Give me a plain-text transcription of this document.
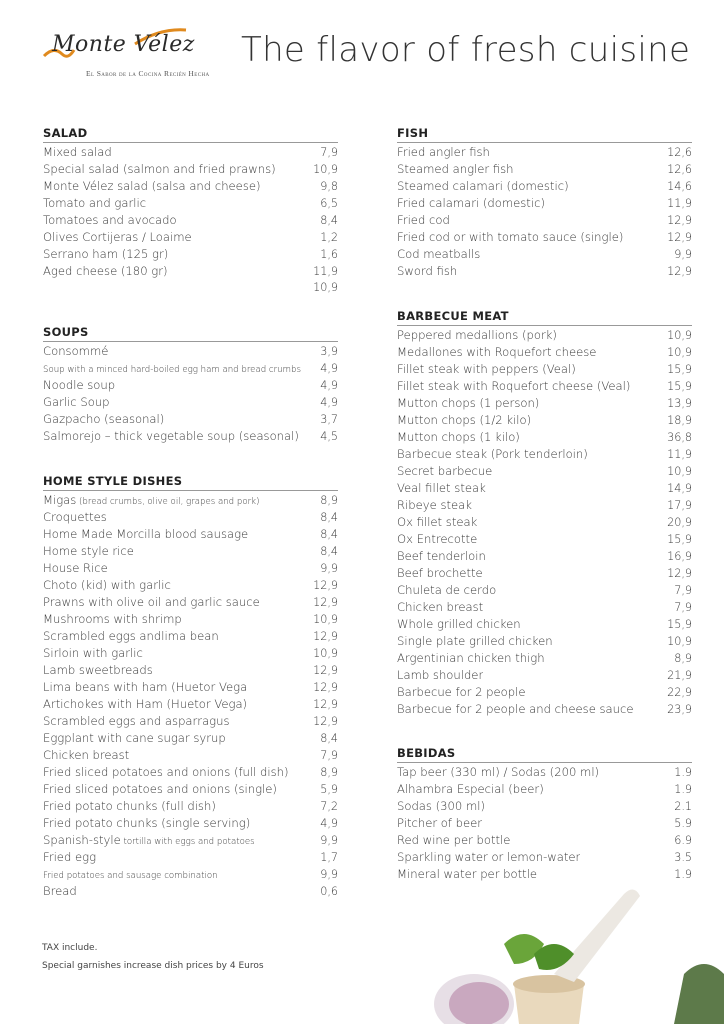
Monte Vélez
El Sabor de la Cocina Recién Hecha
The flavor of fresh cuisine
SALAD
Mixed salad	7,9
Special salad (salmon and fried prawns)	10,9
Monte Vélez salad (salsa and cheese)	9,8
Tomato and garlic	6,5
Tomatoes and avocado	8,4
Olives Cortijeras / Loaime	1,2
Serrano ham (125 gr)	1,6
Aged cheese (180 gr)	11,9
10,9
SOUPS
Consommé	3,9
Soup with a minced hard-boiled egg ham and bread crumbs 4,9
Noodle soup	4,9
Garlic Soup	4,9
Gazpacho (seasonal)	3,7
Salmorejo – thick vegetable soup (seasonal) 4,5
HOME STYLE DISHES
Migas (bread crumbs, olive oil, grapes and pork)	8,9
Croquettes	8,4
Home Made Morcilla blood sausage	8,4
Home style rice	8,4
House Rice	9,9
Choto (kid) with garlic	12,9
Prawns with olive oil and garlic sauce	12,9
Mushrooms with shrimp	10,9
Scrambled eggs andlima bean	12,9
Sirloin with garlic	10,9
Lamb sweetbreads	12,9
Lima beans with ham (Huetor Vega	12,9
Artichokes with Ham (Huetor Vega)	12,9
Scrambled eggs and asparragus	12,9
Eggplant with cane sugar syrup	8,4
Chicken breast	7,9
Fried sliced potatoes and onions (full dish)	8,9
Fried sliced potatoes and onions (single)	5,9
Fried potato chunks (full dish)	7,2
Fried potato chunks (single serving)	4,9
Spanish-style tortilla with eggs and potatoes	9,9
Fried egg	1,7
Fried potatoes and sausage combination	9,9
Bread	0,6
FISH
Fried angler fish	12,6
Steamed angler fish	12,6
Steamed calamari (domestic)	14,6
Fried calamari (domestic)	11,9
Fried cod	12,9
Fried cod or with tomato sauce (single)	12,9
Cod meatballs	9,9
Sword fish	12,9
BARBECUE MEAT
Peppered medallions (pork)	10,9
Medallones with Roquefort cheese	10,9
Fillet steak with peppers (Veal)	15,9
Fillet steak with Roquefort cheese (Veal)	15,9
Mutton chops (1 person)	13,9
Mutton chops (1/2 kilo)	18,9
Mutton chops (1 kilo)	36,8
Barbecue steak (Pork tenderloin)	11,9
Secret barbecue	10,9
Veal fillet steak	14,9
Ribeye steak	17,9
Ox fillet steak	20,9
Ox Entrecotte	15,9
Beef tenderloin	16,9
Beef brochette	12,9
Chuleta de cerdo	7,9
Chicken breast	7,9
Whole grilled chicken	15,9
Single plate grilled chicken	10,9
Argentinian chicken thigh	8,9
Lamb shoulder	21,9
Barbecue for 2 people	22,9
Barbecue for 2 people and cheese sauce	23,9
BEBIDAS
Tap beer (330 ml) / Sodas (200 ml)	1.9
Alhambra Especial (beer)	1.9
Sodas (300 ml)	2.1
Pitcher of beer	5.9
Red wine per bottle	6.9
Sparkling water or lemon-water	3.5
Mineral water per bottle	1.9
TAX include.
Special garnishes increase dish prices by 4 Euros
